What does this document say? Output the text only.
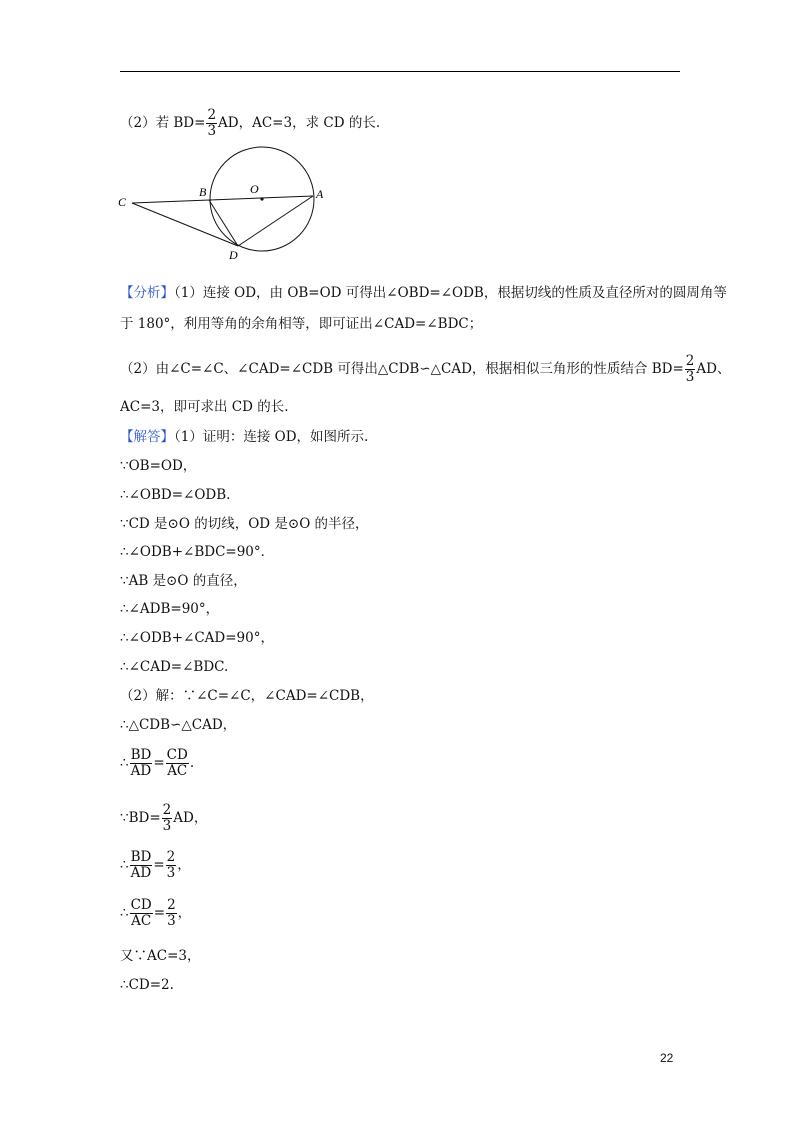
（2）若 $BD= \frac{2}{3}$ AD，AC=3，求 CD 的长.
C
B	O	A
D
【分析】（1）连接 OD，由 OB=OD 可得出∠OBD=∠ODB，根据切线的性质及直径所对的圆周角等
于 180°，利用等角的余角相等，即可证出∠CAD=∠BDC；
（2）由∠C=∠C、∠CAD=∠CDB 可得出△CDB∽△CAD，根据相似三角形的性质结合 $BD= \frac{2}{3}$ AD、
AC=3，即可求出 CD 的长.
【解答】（1）证明：连接 OD，如图所示.
∵OB=OD，
∴∠OBD=∠ODB.
∵CD 是⊙O 的切线，OD 是⊙O 的半径，
∴∠ODB+∠BDC=90°．
∵AB 是⊙O 的直径，
∴∠ADB=90°，
∴∠ODB+∠CAD=90°，
∴∠CAD=∠BDC.
（2）解：∵∠C=∠C，∠CAD=∠CDB，
∴△CDB∽△CAD，
∴ $\frac{BD}{AD} = \frac{CD}{AC}$ .
∵BD= $\frac{2}{3}$ AD，
∴ $\frac{BD}{AD} = \frac{2}{3}$ ，
∴ $\frac{CD}{AC} = \frac{2}{3}$ ，
又∵AC=3，
∴CD=2.
22
